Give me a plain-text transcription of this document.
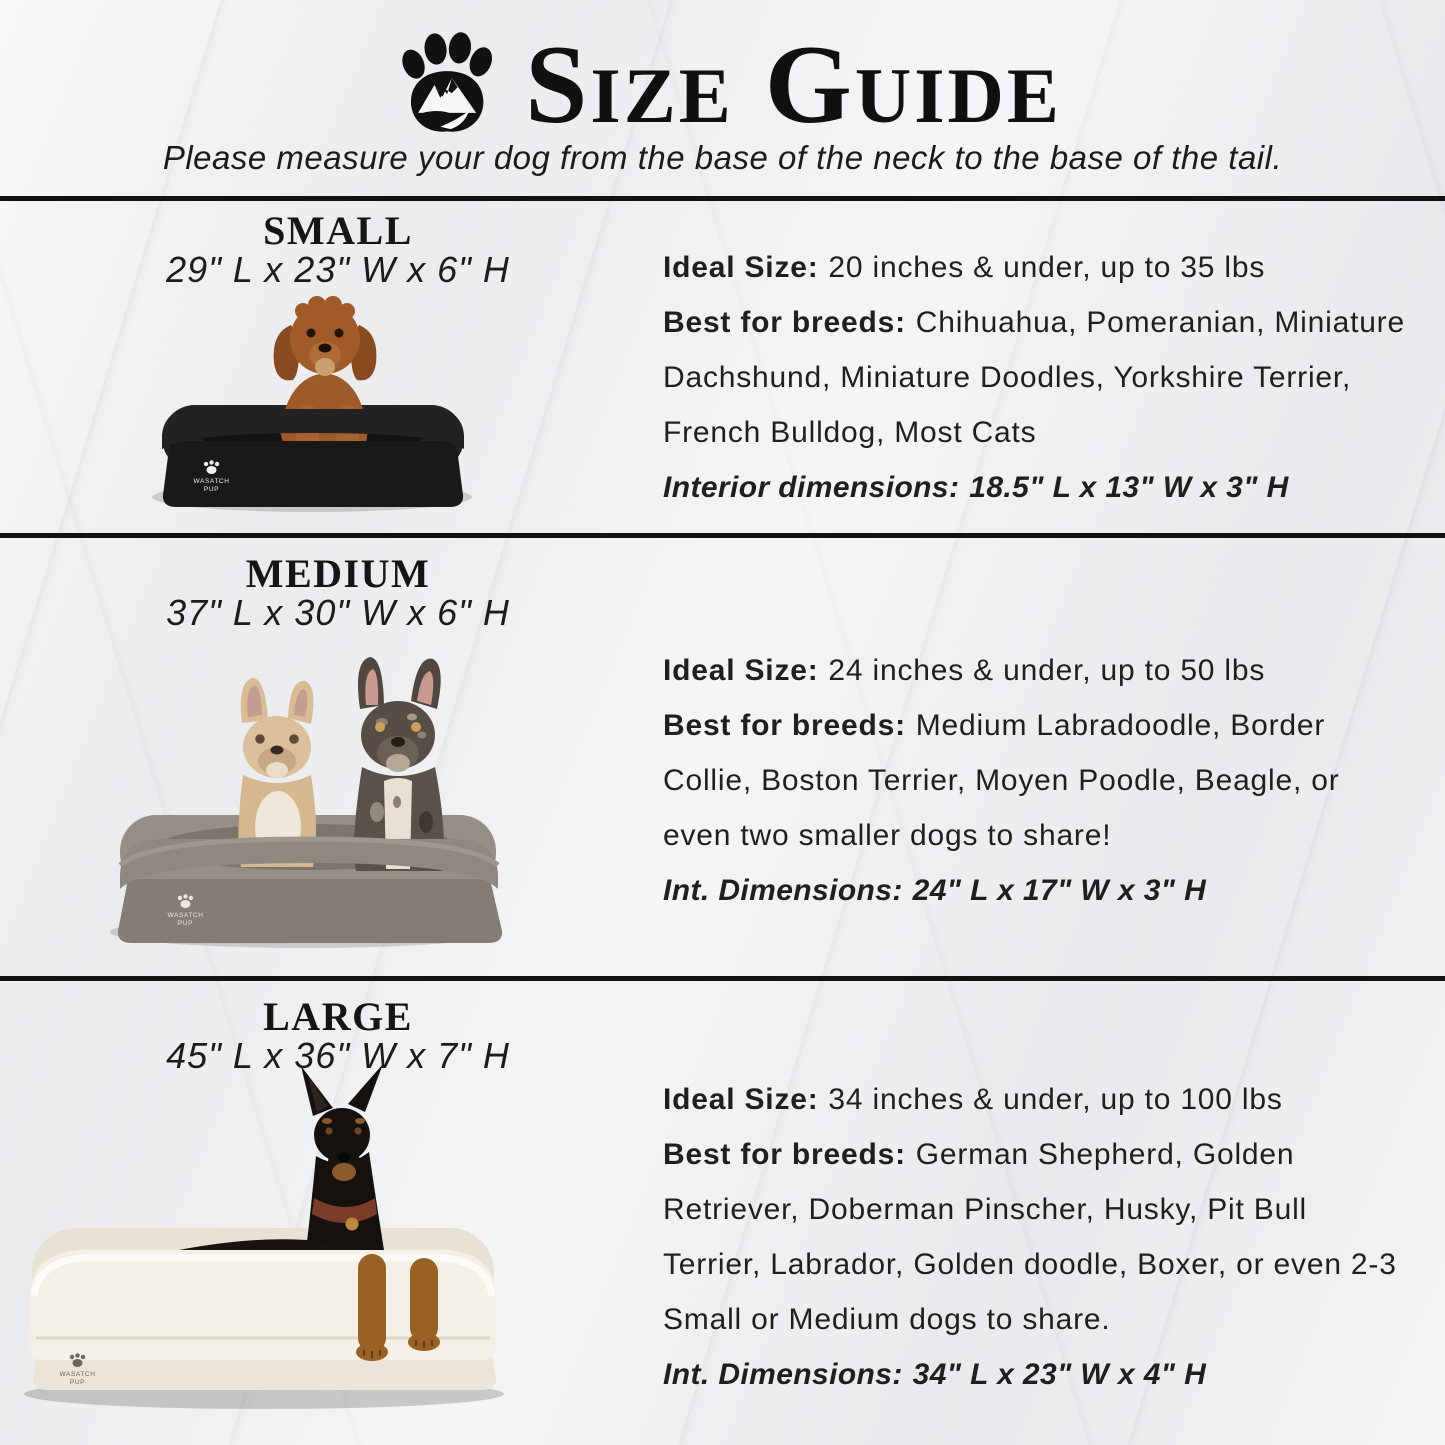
Size Guide

Please measure your dog from the base of the neck to the base of the tail.

SMALL
29" L x 23" W x 6" H
WASATCH
PUP

Ideal Size: 20 inches & under, up to 35 lbs

Best for breeds: Chihuahua, Pomeranian, Miniature Dachshund, Miniature Doodles, Yorkshire Terrier, French Bulldog, Most Cats

Interior dimensions: 18.5" L x 13" W x 3" H

MEDIUM
37" L x 30" W x 6" H
WASATCH
PUP

Ideal Size: 24 inches & under, up to 50 lbs

Best for breeds: Medium Labradoodle, Border Collie, Boston Terrier, Moyen Poodle, Beagle, or even two smaller dogs to share!

Int. Dimensions: 24" L x 17" W x 3" H

LARGE
45" L x 36" W x 7" H
WASATCH
PUP

Ideal Size: 34 inches & under, up to 100 lbs

Best for breeds: German Shepherd, Golden Retriever, Doberman Pinscher, Husky, Pit Bull Terrier, Labrador, Golden doodle, Boxer, or even 2-3 Small or Medium dogs to share.

Int. Dimensions: 34" L x 23" W x 4" H
